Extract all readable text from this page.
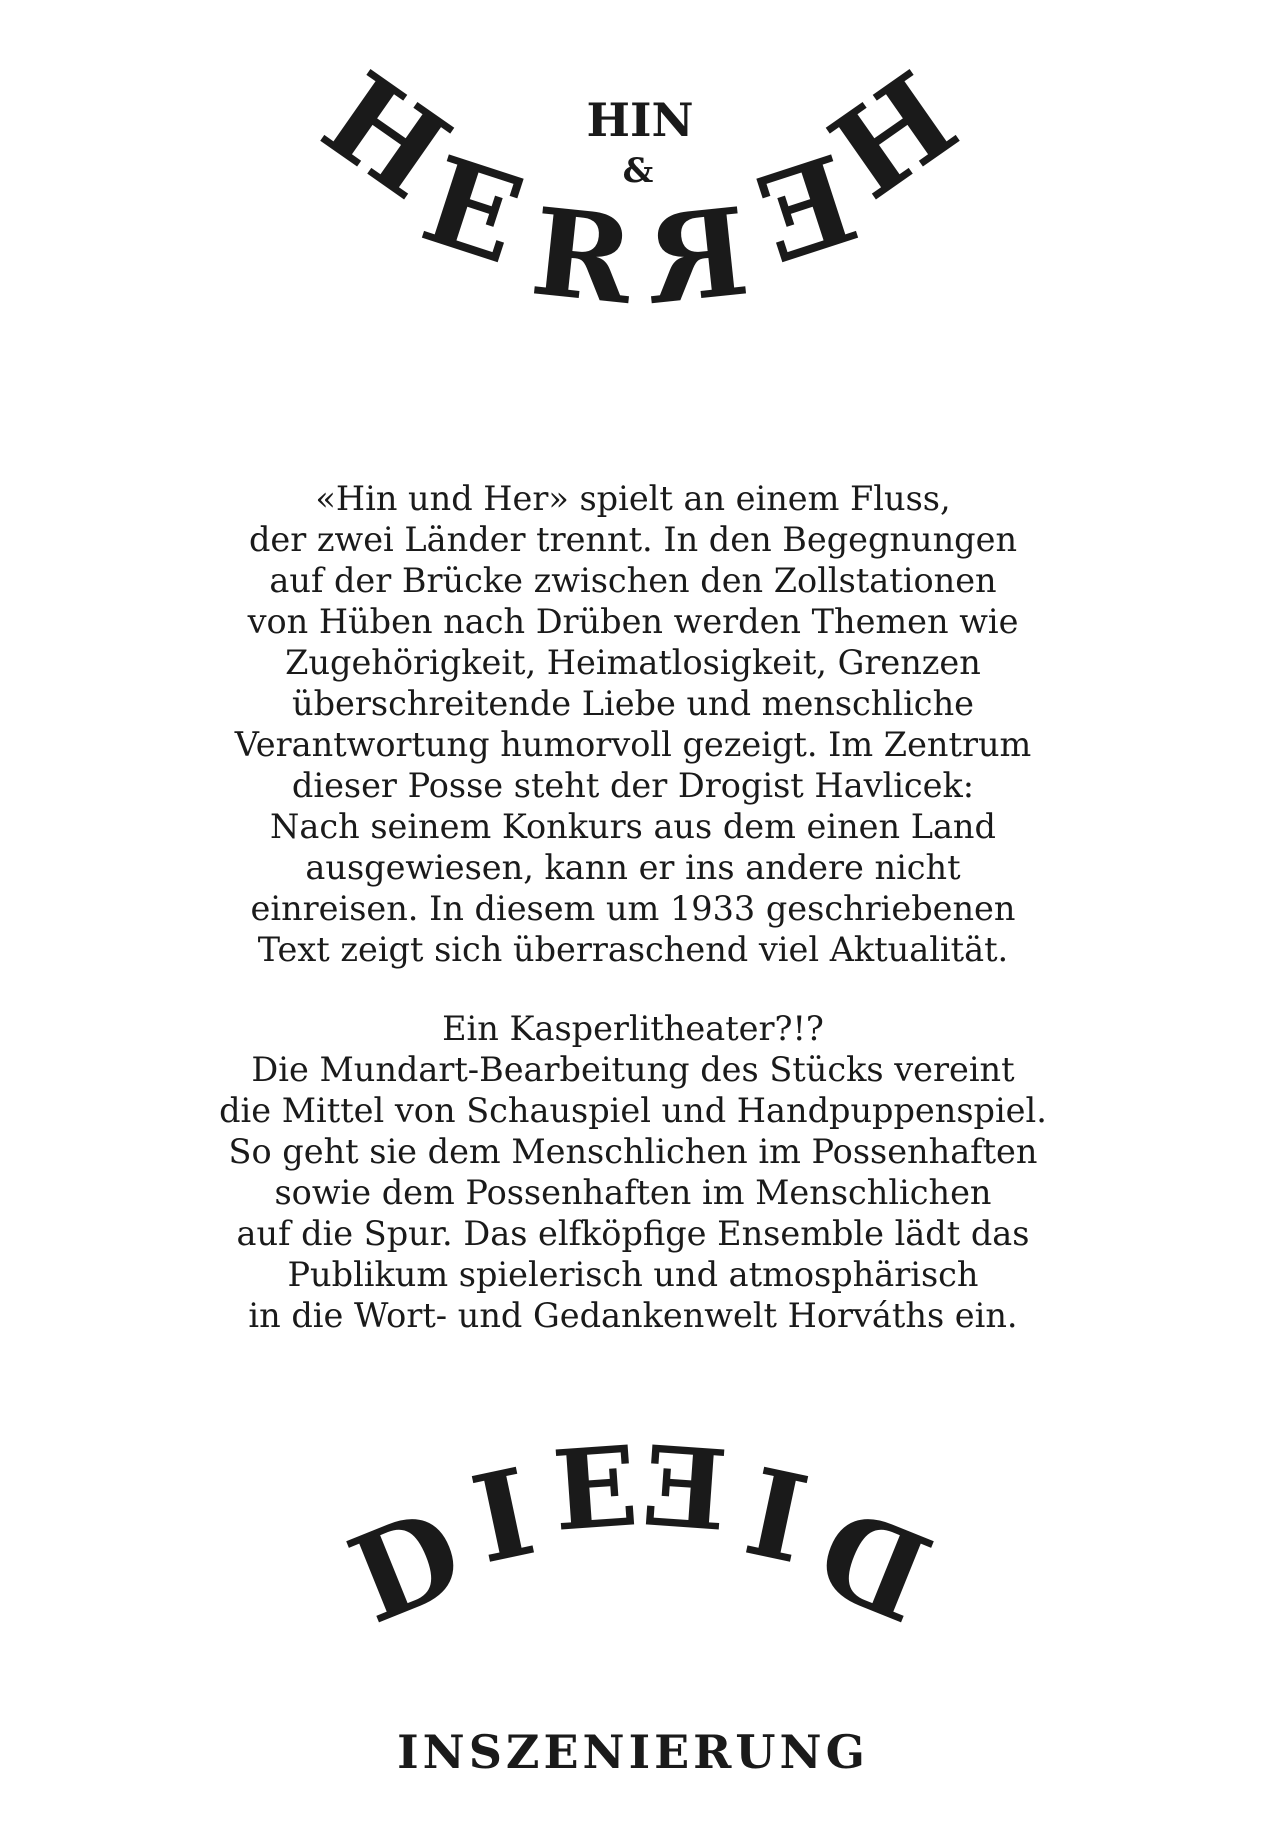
HIN
&
H
E
R R
E
H
«Hin und Her» spielt an einem Fluss,
der zwei Länder trennt. In den Begegnungen
auf der Brücke zwischen den Zollstationen
von Hüben nach Drüben werden Themen wie
Zugehörigkeit, Heimatlosigkeit, Grenzen
überschreitende Liebe und menschliche
Verantwortung humorvoll gezeigt. Im Zentrum
dieser Posse steht der Drogist Havlicek:
Nach seinem Konkurs aus dem einen Land
ausgewiesen, kann er ins andere nicht
einreisen. In diesem um 1933 geschriebenen
Text zeigt sich überraschend viel Aktualität.
Ein Kasperlitheater?!?
Die Mundart-Bearbeitung des Stücks vereint
die Mittel von Schauspiel und Handpuppenspiel.
So geht sie dem Menschlichen im Possenhaften
sowie dem Possenhaften im Menschlichen
auf die Spur. Das elfköpfige Ensemble lädt das
Publikum spielerisch und atmosphärisch
in die Wort- und Gedankenwelt Horváths ein.
D
I E
E I
D
INSZENIERUNG
